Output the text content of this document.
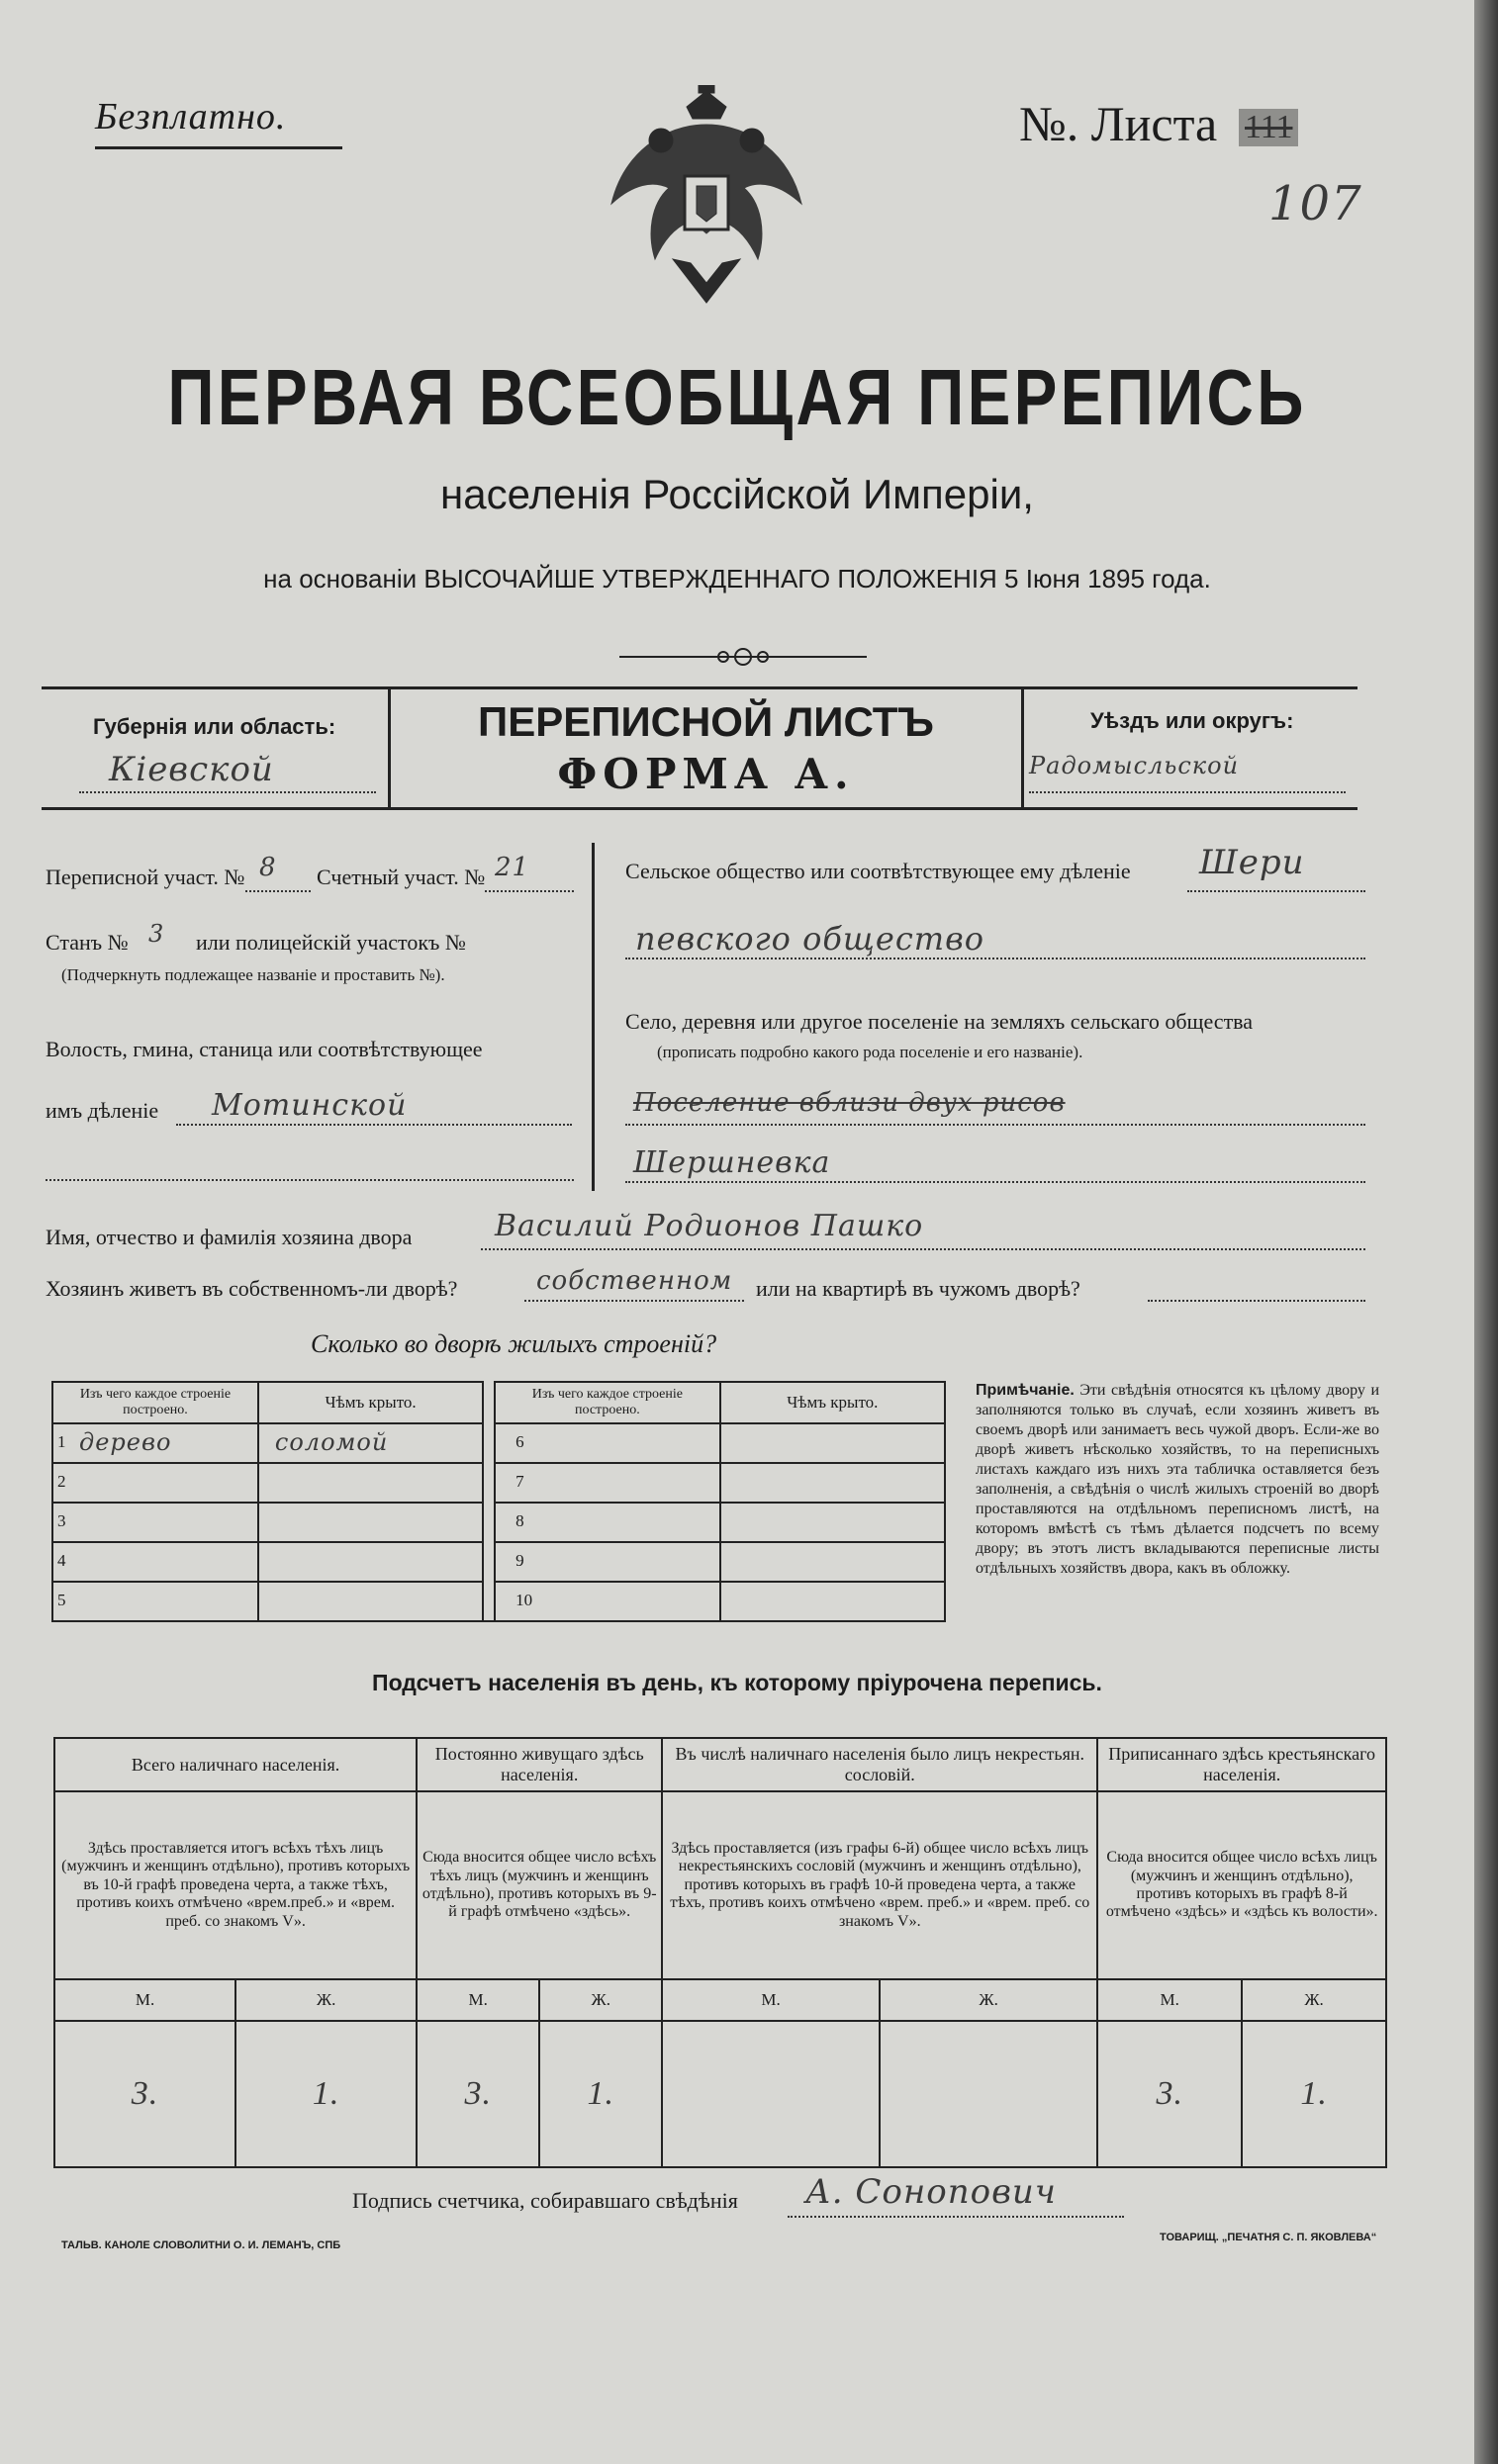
Безплатно.	№. Листа 111
107
ПЕРВАЯ ВСЕОБЩАЯ ПЕРЕПИСЬ
населенія Россійской Имперіи,
на основаніи ВЫСОЧАЙШЕ УТВЕРЖДЕННАГО ПОЛОЖЕНІЯ 5 Іюня 1895 года.
Губернія или область:
Кіевской
ПЕРЕПИСНОЙ ЛИСТЪ
ФОРМА А.
Уѣздъ или округъ:
Радомысльской
Переписной участ. № 8 Счетный участ. № 21
Станъ № 3 или полицейскій участокъ №
(Подчеркнуть подлежащее названіе и проставить №).
Волость, гмина, станица или соотвѣтствующее
имъ дѣленіе Мотинской
Сельское общество или соотвѣтствующее ему дѣленіе Шери
певского общество
Село, деревня или другое поселеніе на земляхъ сельскаго общества
(прописать подробно какого рода поселеніе и его названіе).
Поселение вблизи двух рисов
Шершневка
Имя, отчество и фамилія хозяина двора	Василий Родионов Пашко
Хозяинъ живетъ въ собственномъ-ли дворѣ?	собственном или на квартирѣ въ чужомъ дворѣ?
Сколько во дворѣ жилыхъ строеній?
Изъ чего каждое строеніе построено.	Чѣмъ крыто.		Изъ чего каждое строеніе построено.	Чѣмъ крыто.

1 дерево	соломой		6	

2			7	

3			8	

4			9	

5			10	

Примѣчаніе. Эти свѣдѣнія относятся къ цѣлому двору и заполняются только въ случаѣ, если хозяинъ живетъ въ своемъ дворѣ или занимаетъ весь чужой дворъ. Если-же во дворѣ живетъ нѣсколько хозяйствъ, то на переписныхъ листахъ каждаго изъ нихъ эта табличка оставляется безъ заполненія, а свѣдѣнія о числѣ жилыхъ строеній во дворѣ проставляются на отдѣльномъ переписномъ листѣ, на которомъ вмѣстѣ съ тѣмъ дѣлается подсчетъ по всему двору; въ этотъ листъ вкладываются переписные листы отдѣльныхъ хозяйствъ двора, какъ въ обложку.
Подсчетъ населенія въ день, къ которому пріурочена перепись.
Всего наличнаго населенія.		Постоянно живущаго здѣсь населенія.		Въ числѣ наличнаго населенія было лицъ некрестьян. сословій.		Приписаннаго здѣсь крестьянскаго населенія.	
Здѣсь проставляется итогъ всѣхъ тѣхъ лицъ (мужчинъ и женщинъ отдѣльно), противъ которыхъ въ 10-й графѣ проведена черта, а также тѣхъ, противъ коихъ отмѣчено «врем.преб.» и «врем. преб. со знакомъ V».		Сюда вносится общее число всѣхъ тѣхъ лицъ (мужчинъ и женщинъ отдѣльно), противъ которыхъ въ 9-й графѣ отмѣчено «здѣсь».		Здѣсь проставляется (изъ графы 6-й) общее число всѣхъ лицъ некрестьянскихъ сословій (мужчинъ и женщинъ отдѣльно), противъ которыхъ въ графѣ 10-й проведена черта, а также тѣхъ, противъ коихъ отмѣчено «врем. преб.» и «врем. преб. со знакомъ V».		Сюда вносится общее число всѣхъ лицъ (мужчинъ и женщинъ отдѣльно), противъ которыхъ въ графѣ 8-й отмѣчено «здѣсь» и «здѣсь къ волости».	
М.	Ж.	М.	Ж.	М.	Ж.	М.	Ж.
3.	1.	3.	1.			3.	1.
Подпись счетчика, собиравшаго свѣдѣнія А. Сонопович
ТАЛЬВ. КАНОЛЕ СЛОВОЛИТНИ О. И. ЛЕМАНЪ, СПБ
ТОВАРИЩ. „ПЕЧАТНЯ С. П. ЯКОВЛЕВА“
